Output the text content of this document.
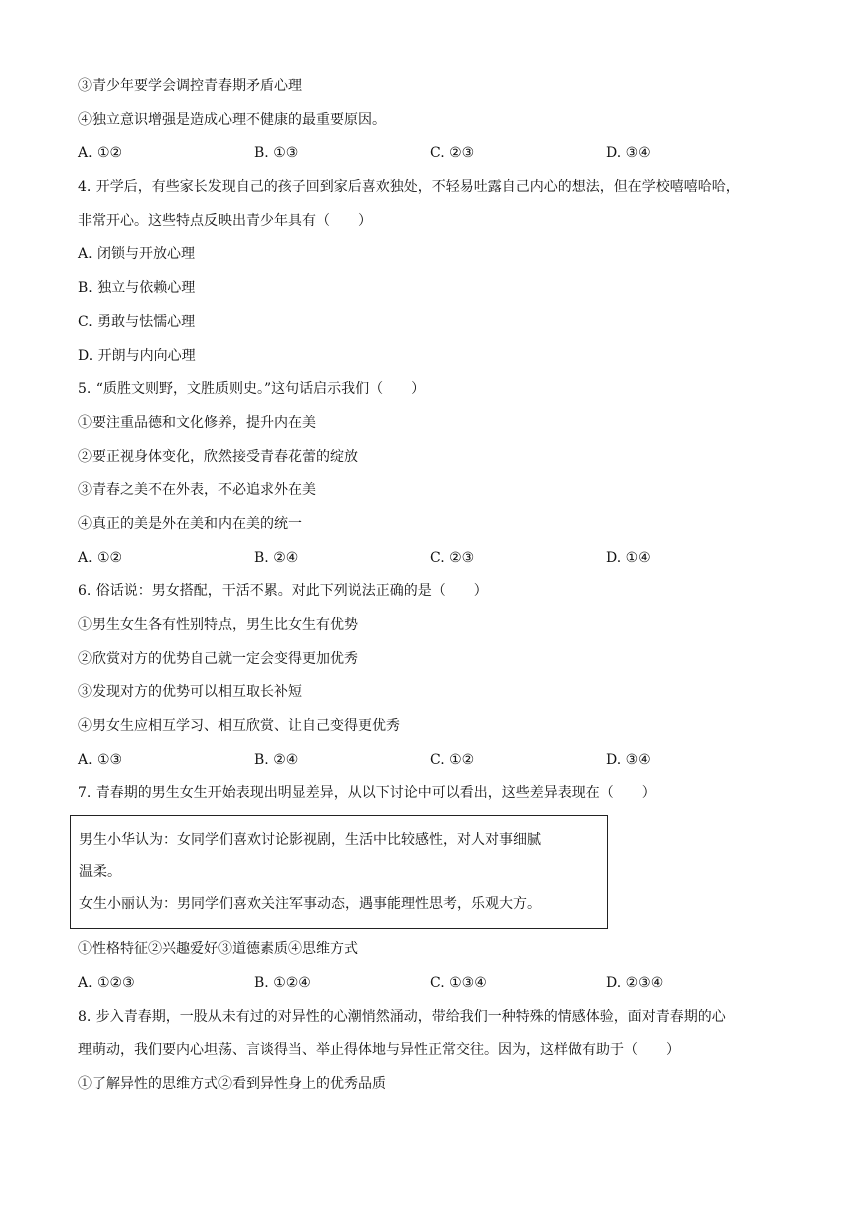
③青少年要学会调控青春期矛盾心理
④独立意识增强是造成心理不健康的最重要原因。
A. ①②	B. ①③	C. ②③	D. ③④
4. 开学后，有些家长发现自己的孩子回到家后喜欢独处，不轻易吐露自己内心的想法，但在学校嘻嘻哈哈，
非常开心。这些特点反映出青少年具有（　　）
A. 闭锁与开放心理
B. 独立与依赖心理
C. 勇敢与怯懦心理
D. 开朗与内向心理
5. “质胜文则野，文胜质则史。”这句话启示我们（　　）
①要注重品德和文化修养，提升内在美
②要正视身体变化，欣然接受青春花蕾的绽放
③青春之美不在外表，不必追求外在美
④真正的美是外在美和内在美的统一
A. ①②	B. ②④	C. ②③	D. ①④
6. 俗话说：男女搭配，干活不累。对此下列说法正确的是（　　）
①男生女生各有性别特点，男生比女生有优势
②欣赏对方的优势自己就一定会变得更加优秀
③发现对方的优势可以相互取长补短
④男女生应相互学习、相互欣赏、让自己变得更优秀
A. ①③	B. ②④	C. ①②	D. ③④
7. 青春期的男生女生开始表现出明显差异，从以下讨论中可以看出，这些差异表现在（　　）
男生小华认为：女同学们喜欢讨论影视剧，生活中比较感性，对人对事细腻
温柔。
女生小丽认为：男同学们喜欢关注军事动态，遇事能理性思考，乐观大方。
①性格特征②兴趣爱好③道德素质④思维方式
A. ①②③	B. ①②④	C. ①③④	D. ②③④
8. 步入青春期，一股从未有过的对异性的心潮悄然涌动，带给我们一种特殊的情感体验，面对青春期的心
理萌动，我们要内心坦荡、言谈得当、举止得体地与异性正常交往。因为，这样做有助于（　　）
①了解异性的思维方式②看到异性身上的优秀品质
